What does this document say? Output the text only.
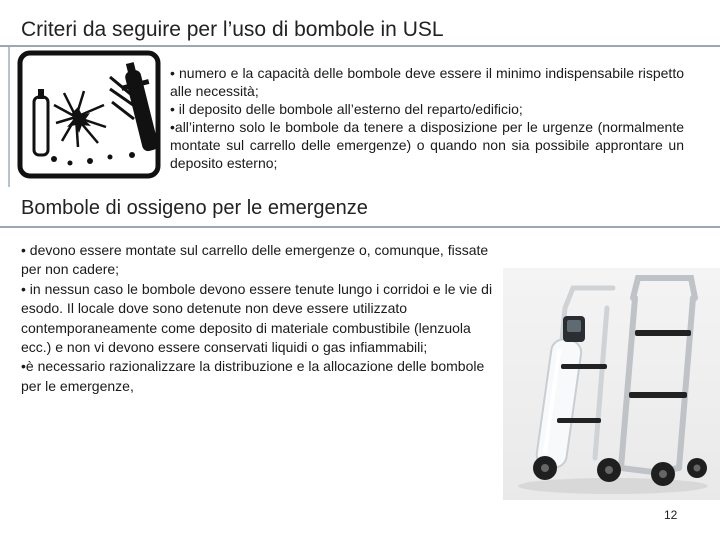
Criteri da seguire per l’uso di bombole in USL
• numero e la capacità delle bombole deve essere il minimo indispensabile rispetto alle necessità;
• il deposito delle bombole all’esterno del reparto/edificio;
•all’interno solo le bombole da tenere a disposizione per le urgenze (normalmente montate sul carrello delle emergenze) o quando non sia possibile approntare un deposito esterno;
Bombole di ossigeno per le emergenze
• devono essere montate sul carrello delle emergenze o, comunque, fissate per non cadere;
• in nessun caso le bombole devono essere tenute lungo i corridoi e le vie di esodo. Il locale dove sono detenute non deve essere utilizzato contemporaneamente come deposito di materiale combustibile (lenzuola ecc.) e non vi devono essere conservati liquidi o gas infiammabili;
•è necessario razionalizzare la distribuzione e la allocazione delle bombole per le emergenze,
12
